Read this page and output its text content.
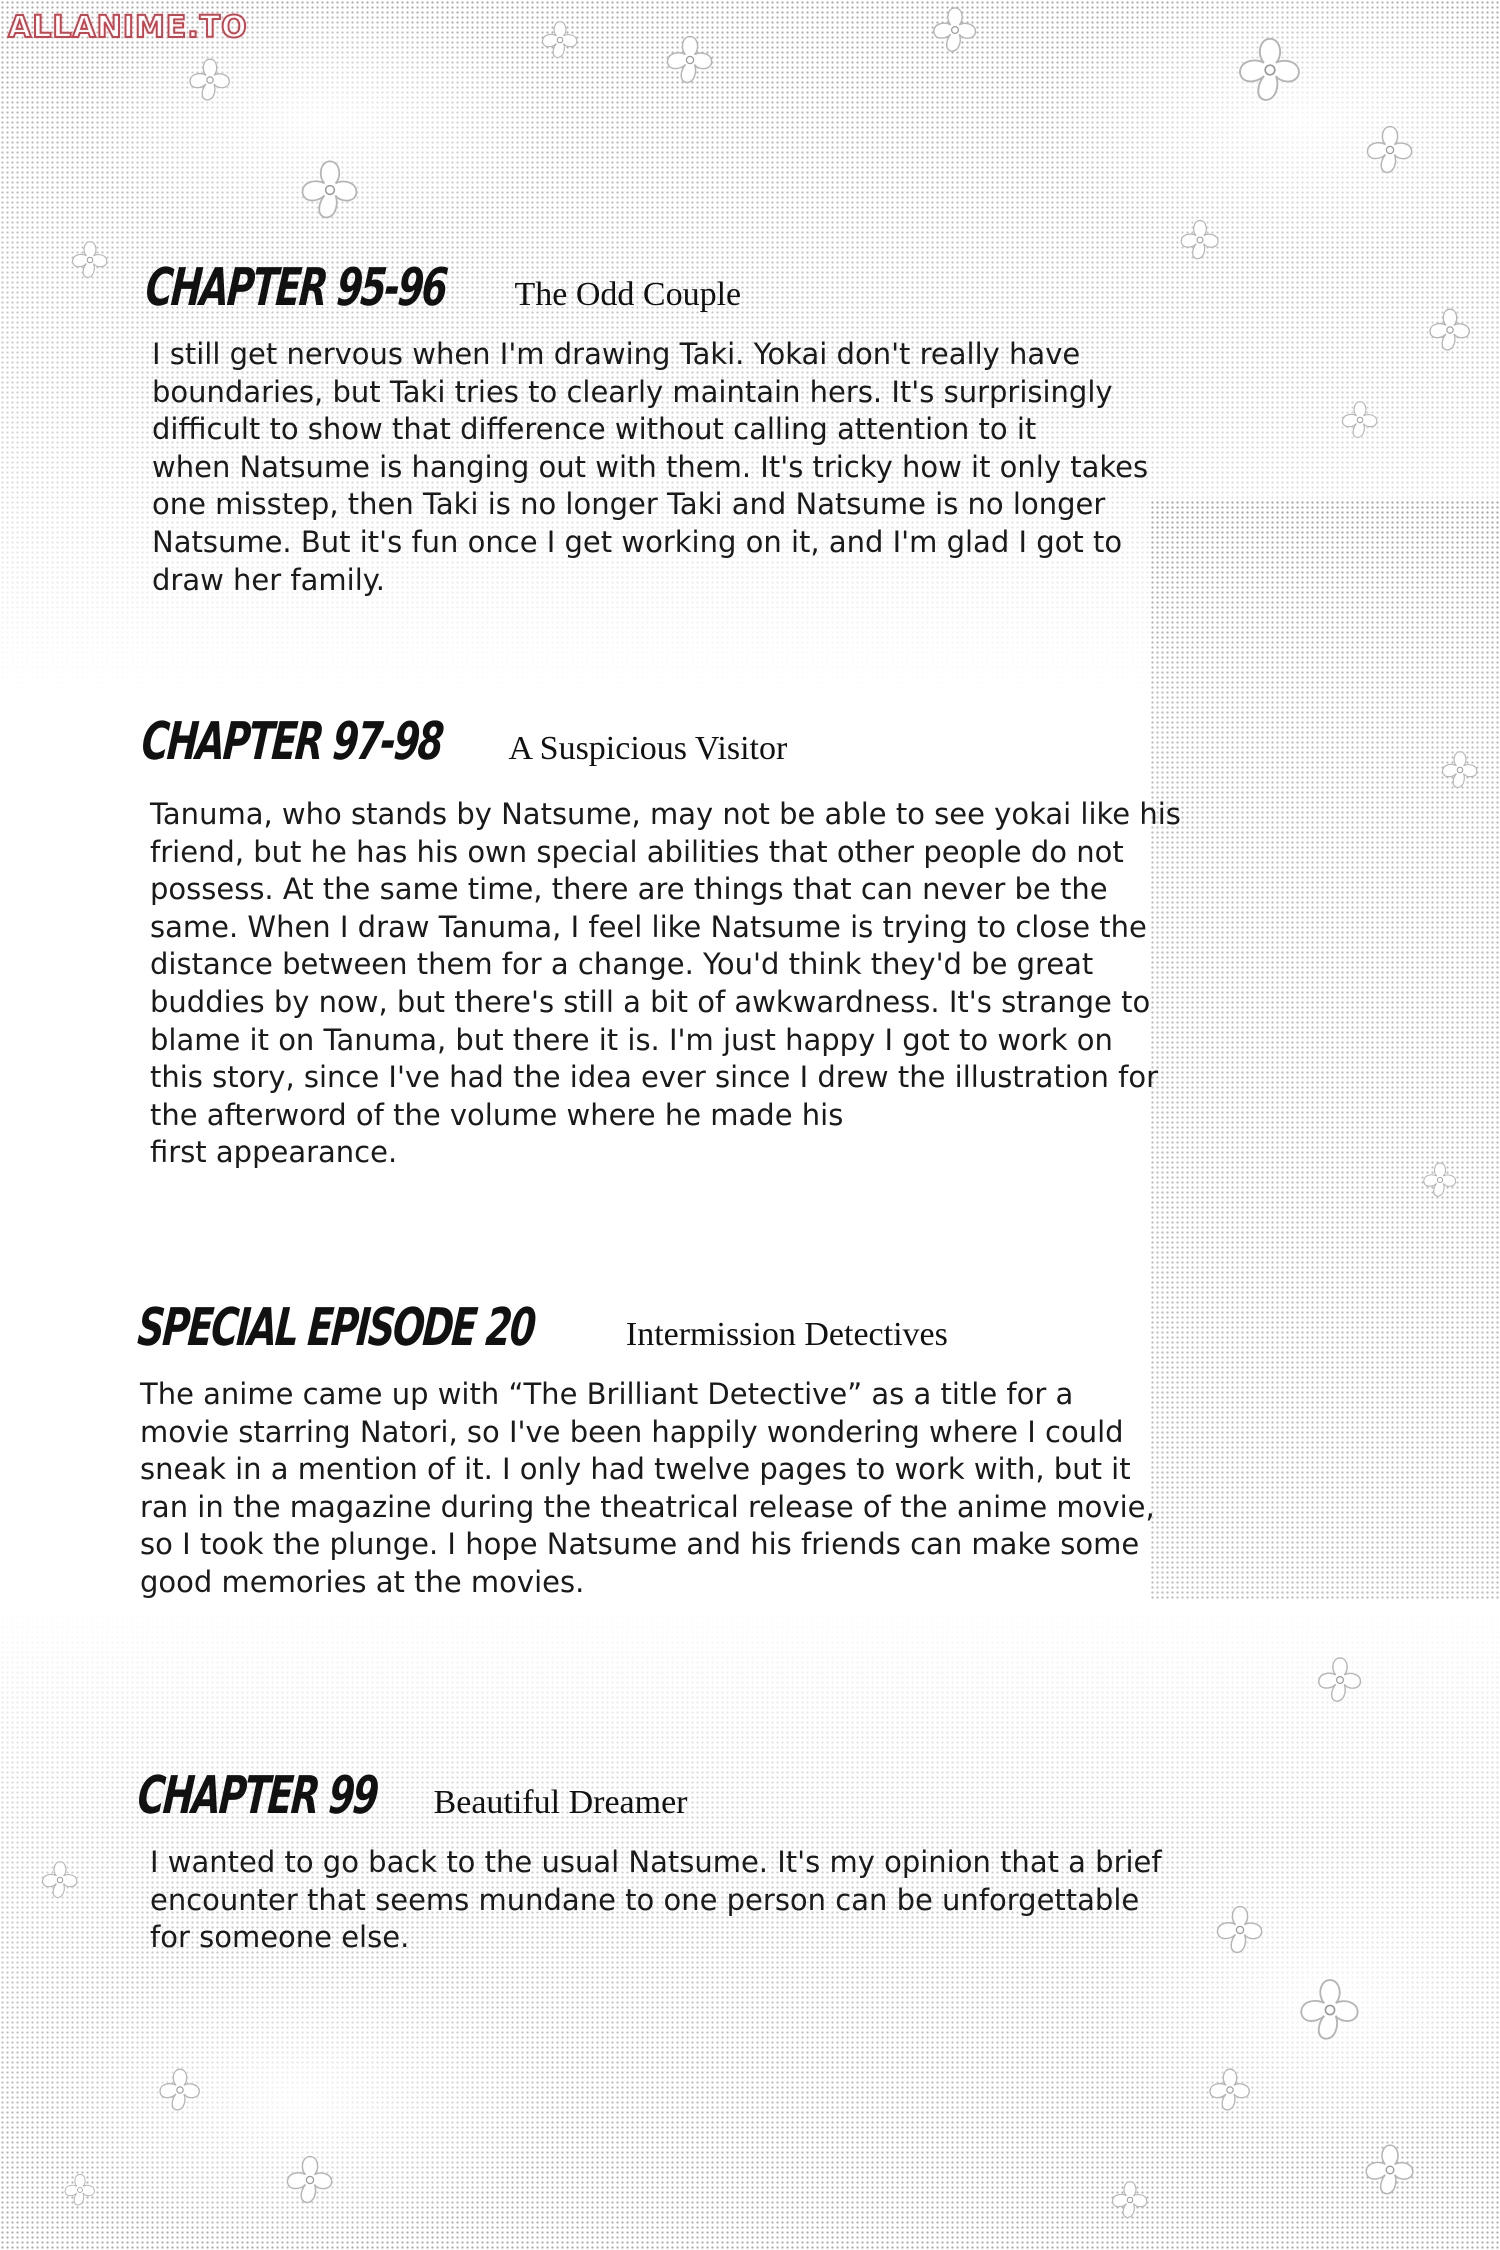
ALLANIME.TO
CHAPTER 95-96 The Odd Couple

I still get nervous when I'm drawing Taki. Yokai don't really have
boundaries, but Taki tries to clearly maintain hers. It's surprisingly
difficult to show that difference without calling attention to it
when Natsume is hanging out with them. It's tricky how it only takes
one misstep, then Taki is no longer Taki and Natsume is no longer
Natsume. But it's fun once I get working on it, and I'm glad I got to
draw her family.

CHAPTER 97-98 A Suspicious Visitor

Tanuma, who stands by Natsume, may not be able to see yokai like his
friend, but he has his own special abilities that other people do not
possess. At the same time, there are things that can never be the
same. When I draw Tanuma, I feel like Natsume is trying to close the
distance between them for a change. You'd think they'd be great
buddies by now, but there's still a bit of awkwardness. It's strange to
blame it on Tanuma, but there it is. I'm just happy I got to work on
this story, since I've had the idea ever since I drew the illustration for
the afterword of the volume where he made his
first appearance.

SPECIAL EPISODE 20	Intermission Detectives

The anime came up with “The Brilliant Detective” as a title for a
movie starring Natori, so I've been happily wondering where I could
sneak in a mention of it. I only had twelve pages to work with, but it
ran in the magazine during the theatrical release of the anime movie,
so I took the plunge. I hope Natsume and his friends can make some
good memories at the movies.

CHAPTER 99 Beautiful Dreamer

I wanted to go back to the usual Natsume. It's my opinion that a brief
encounter that seems mundane to one person can be unforgettable
for someone else.
